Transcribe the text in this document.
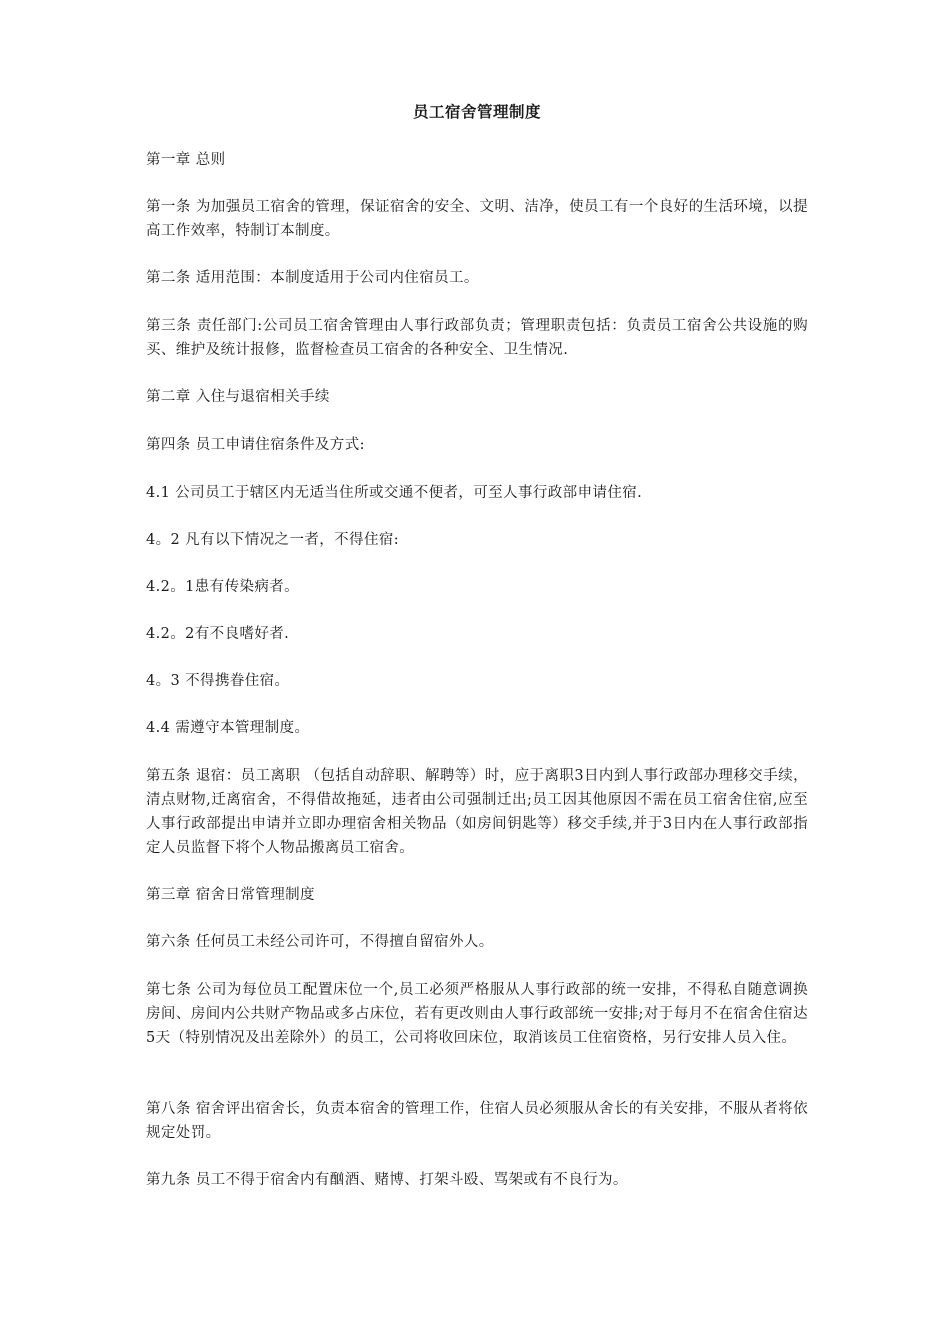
员工宿舍管理制度

第一章 总则

第一条 为加强员工宿舍的管理，保证宿舍的安全、文明、洁净，使员工有一个良好的生活环境，以提高工作效率，特制订本制度。

第二条 适用范围：本制度适用于公司内住宿员工。

第三条 责任部门:公司员工宿舍管理由人事行政部负责；管理职责包括：负责员工宿舍公共设施的购买、维护及统计报修，监督检查员工宿舍的各种安全、卫生情况.

第二章 入住与退宿相关手续

第四条 员工申请住宿条件及方式:

4.1 公司员工于辖区内无适当住所或交通不便者，可至人事行政部申请住宿.

4。2 凡有以下情况之一者，不得住宿:

4.2。1患有传染病者。

4.2。2有不良嗜好者.

4。3 不得携眷住宿。

4.4 需遵守本管理制度。

第五条 退宿：员工离职 （包括自动辞职、解聘等）时，应于离职3日内到人事行政部办理移交手续，清点财物,迁离宿舍，不得借故拖延，违者由公司强制迁出;员工因其他原因不需在员工宿舍住宿,应至人事行政部提出申请并立即办理宿舍相关物品（如房间钥匙等）移交手续,并于3日内在人事行政部指定人员监督下将个人物品搬离员工宿舍。

第三章 宿舍日常管理制度

第六条 任何员工未经公司许可，不得擅自留宿外人。

第七条 公司为每位员工配置床位一个,员工必须严格服从人事行政部的统一安排，不得私自随意调换房间、房间内公共财产物品或多占床位，若有更改则由人事行政部统一安排;对于每月不在宿舍住宿达5天（特别情况及出差除外）的员工，公司将收回床位，取消该员工住宿资格，另行安排人员入住。

第八条 宿舍评出宿舍长，负责本宿舍的管理工作，住宿人员必须服从舍长的有关安排，不服从者将依规定处罚。

第九条 员工不得于宿舍内有酗酒、赌博、打架斗殴、骂架或有不良行为。
